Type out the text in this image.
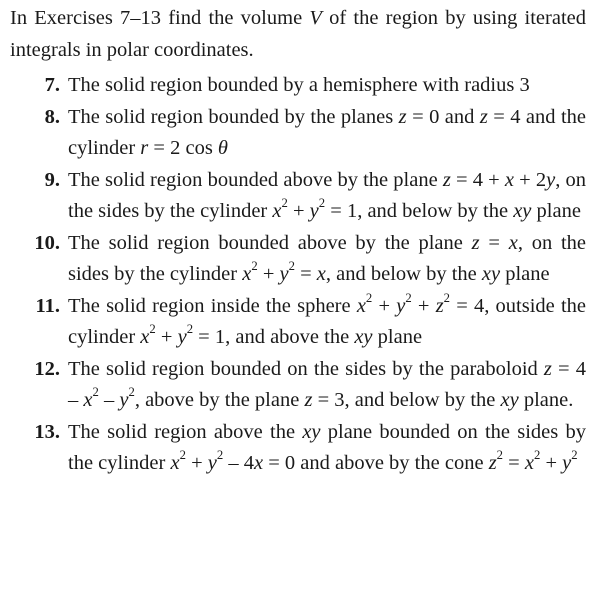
In Exercises 7–13 find the volume V of the region by using iterated integrals in polar coordinates.

7. The solid region bounded by a hemisphere with radius 3
8. The solid region bounded by the planes z = 0 and z = 4 and the cylinder r = 2 cos θ
9. The solid region bounded above by the plane z = 4 + x + 2y, on the sides by the cylinder $x^2 + y^2 = 1$, and below by the xy plane
10. The solid region bounded above by the plane z = x, on the sides by the cylinder $x^2 + y^2 = x$, and below by the xy plane
11. The solid region inside the sphere $x^2 + y^2 + z^2 = 4$, outside the cylinder $x^2 + y^2 = 1$, and above the xy plane
12. The solid region bounded on the sides by the paraboloid $z = 4 - x^2 - y^2$, above by the plane z = 3, and below by the xy plane.
13. The solid region above the xy plane bounded on the sides by the cylinder $x^2 + y^2 - 4x = 0$ and above by the cone $z^2 = x^2 + y^2$
